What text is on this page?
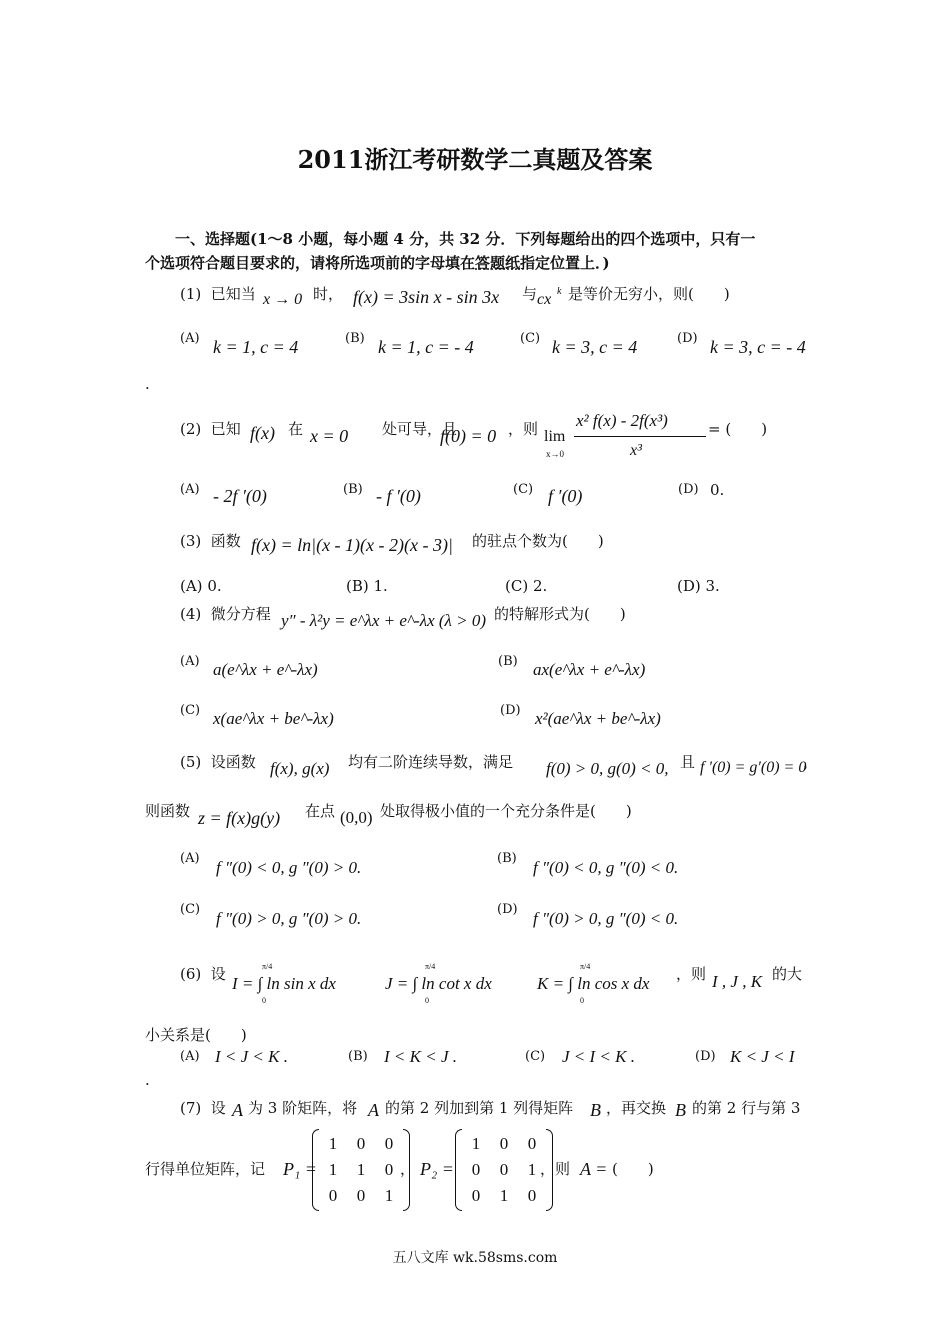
2011浙江考研数学二真题及答案
一、选择题(1～8 小题，每小题 4 分，共 32 分．下列每题给出的四个选项中，只有一
个选项符合题目要求的，请将所选项前的字母填在答题纸指定位置上．)
(1) 已知当 x → 0 时， f(x) = 3sin x - sin 3x 与 cx k 是等价无穷小，则(　　)
(A) k = 1, c = 4	(B) k = 1, c = - 4	(C) k = 3, c = 4	(D) k = 3, c = - 4
.
(2) 已知 f(x) 在 x = 0 处可导，且
f(0) = 0 ，则 lim
x→0
x² f(x) - 2f(x³)
x³
= (　　)
(A) - 2f ′(0)	(B) - f ′(0)	(C) f ′(0)	(D) 0.
(3) 函数 f(x) = ln|(x - 1)(x - 2)(x - 3)| 的驻点个数为(　　)
(A) 0.	(B) 1.	(C) 2.	(D) 3.
(4) 微分方程 y″ - λ²y = e^λx + e^-λx (λ > 0) 的特解形式为(　　)
(A) a(e^λx + e^-λx)	(B) ax(e^λx + e^-λx)
(C) x(ae^λx + be^-λx)	(D) x²(ae^λx + be^-λx)
(5) 设函数 f(x), g(x) 均有二阶连续导数，满足 f(0) > 0, g(0) < 0, 且 f ′(0) = g′(0) = 0
，
则函数 z = f(x)g(y) 在点 (0,0) 处取得极小值的一个充分条件是(　　)
(A) f ″(0) < 0, g ″(0) > 0.	(B) f ″(0) < 0, g ″(0) < 0.
(C) f ″(0) > 0, g ″(0) > 0.	(D) f ″(0) > 0, g ″(0) < 0.
(6) 设 I = ∫ ln sin x dx
π/4
0
J = ∫ ln cot x dx
π/4
0
K = ∫ ln cos x dx
π/4
0
，则 I , J , K 的大
小关系是(　　)
(A) I < J < K .	(B) I < K < J .	(C) J < I < K .	(D) K < J < I
.
(7) 设 A 为 3 阶矩阵，将 A 的第 2 列加到第 1 列得矩阵 B ，再交换 B 的第 2 行与第 3
行得单位矩阵，记 P₁ =
1	0	0
1	1	0
0	0	1
， P₂ =
1	0	0
0	0	1
0	1	0
，则 A = (　　)
五八文库 wk.58sms.com
